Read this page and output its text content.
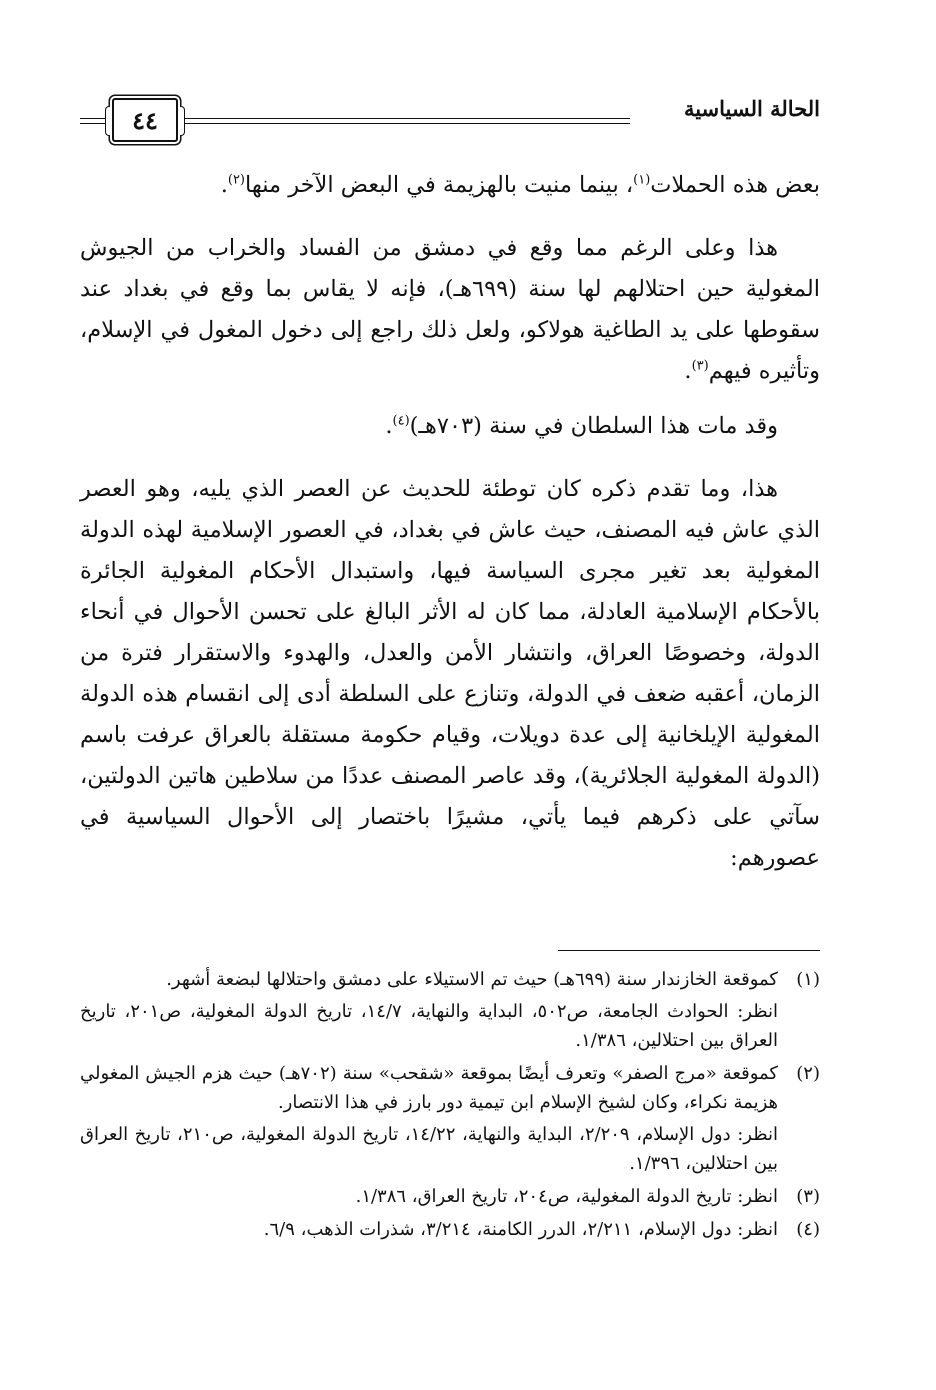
الحالة السياسية
٤٤

بعض هذه الحملات$^{(١)}$، بينما منيت بالهزيمة في البعض الآخر منها$^{(٢)}$.

هذا وعلى الرغم مما وقع في دمشق من الفساد والخراب من الجيوش المغولية حين احتلالهم لها سنة (٦٩٩هـ)، فإنه لا يقاس بما وقع في بغداد عند سقوطها على يد الطاغية هولاكو، ولعل ذلك راجع إلى دخول المغول في الإسلام، وتأثيره فيهم$^{(٣)}$.

وقد مات هذا السلطان في سنة (٧٠٣هـ)$^{(٤)}$.

هذا، وما تقدم ذكره كان توطئة للحديث عن العصر الذي يليه، وهو العصر الذي عاش فيه المصنف، حيث عاش في بغداد، في العصور الإسلامية لهذه الدولة المغولية بعد تغير مجرى السياسة فيها، واستبدال الأحكام المغولية الجائرة بالأحكام الإسلامية العادلة، مما كان له الأثر البالغ على تحسن الأحوال في أنحاء الدولة، وخصوصًا العراق، وانتشار الأمن والعدل، والهدوء والاستقرار فترة من الزمان، أعقبه ضعف في الدولة، وتنازع على السلطة أدى إلى انقسام هذه الدولة المغولية الإيلخانية إلى عدة دويلات، وقيام حكومة مستقلة بالعراق عرفت باسم (الدولة المغولية الجلائرية)، وقد عاصر المصنف عددًا من سلاطين هاتين الدولتين، سآتي على ذكرهم فيما يأتي، مشيرًا باختصار إلى الأحوال السياسية في عصورهم:

(١)
كموقعة الخازندار سنة (٦٩٩هـ) حيث تم الاستيلاء على دمشق واحتلالها لبضعة أشهر.
انظر: الحوادث الجامعة، ص٥٠٢، البداية والنهاية، ١٤/٧، تاريخ الدولة المغولية، ص٢٠١، تاريخ العراق بين احتلالين، ١/٣٨٦.
(٢)
كموقعة «مرج الصفر» وتعرف أيضًا بموقعة «شقحب» سنة (٧٠٢هـ) حيث هزم الجيش المغولي هزيمة نكراء، وكان لشيخ الإسلام ابن تيمية دور بارز في هذا الانتصار.
انظر: دول الإسلام، ٢/٢٠٩، البداية والنهاية، ١٤/٢٢، تاريخ الدولة المغولية، ص٢١٠، تاريخ العراق بين احتلالين، ١/٣٩٦.
(٣)
انظر: تاريخ الدولة المغولية، ص٢٠٤، تاريخ العراق، ١/٣٨٦.
(٤)
انظر: دول الإسلام، ٢/٢١١، الدرر الكامنة، ٣/٢١٤، شذرات الذهب، ٦/٩.
